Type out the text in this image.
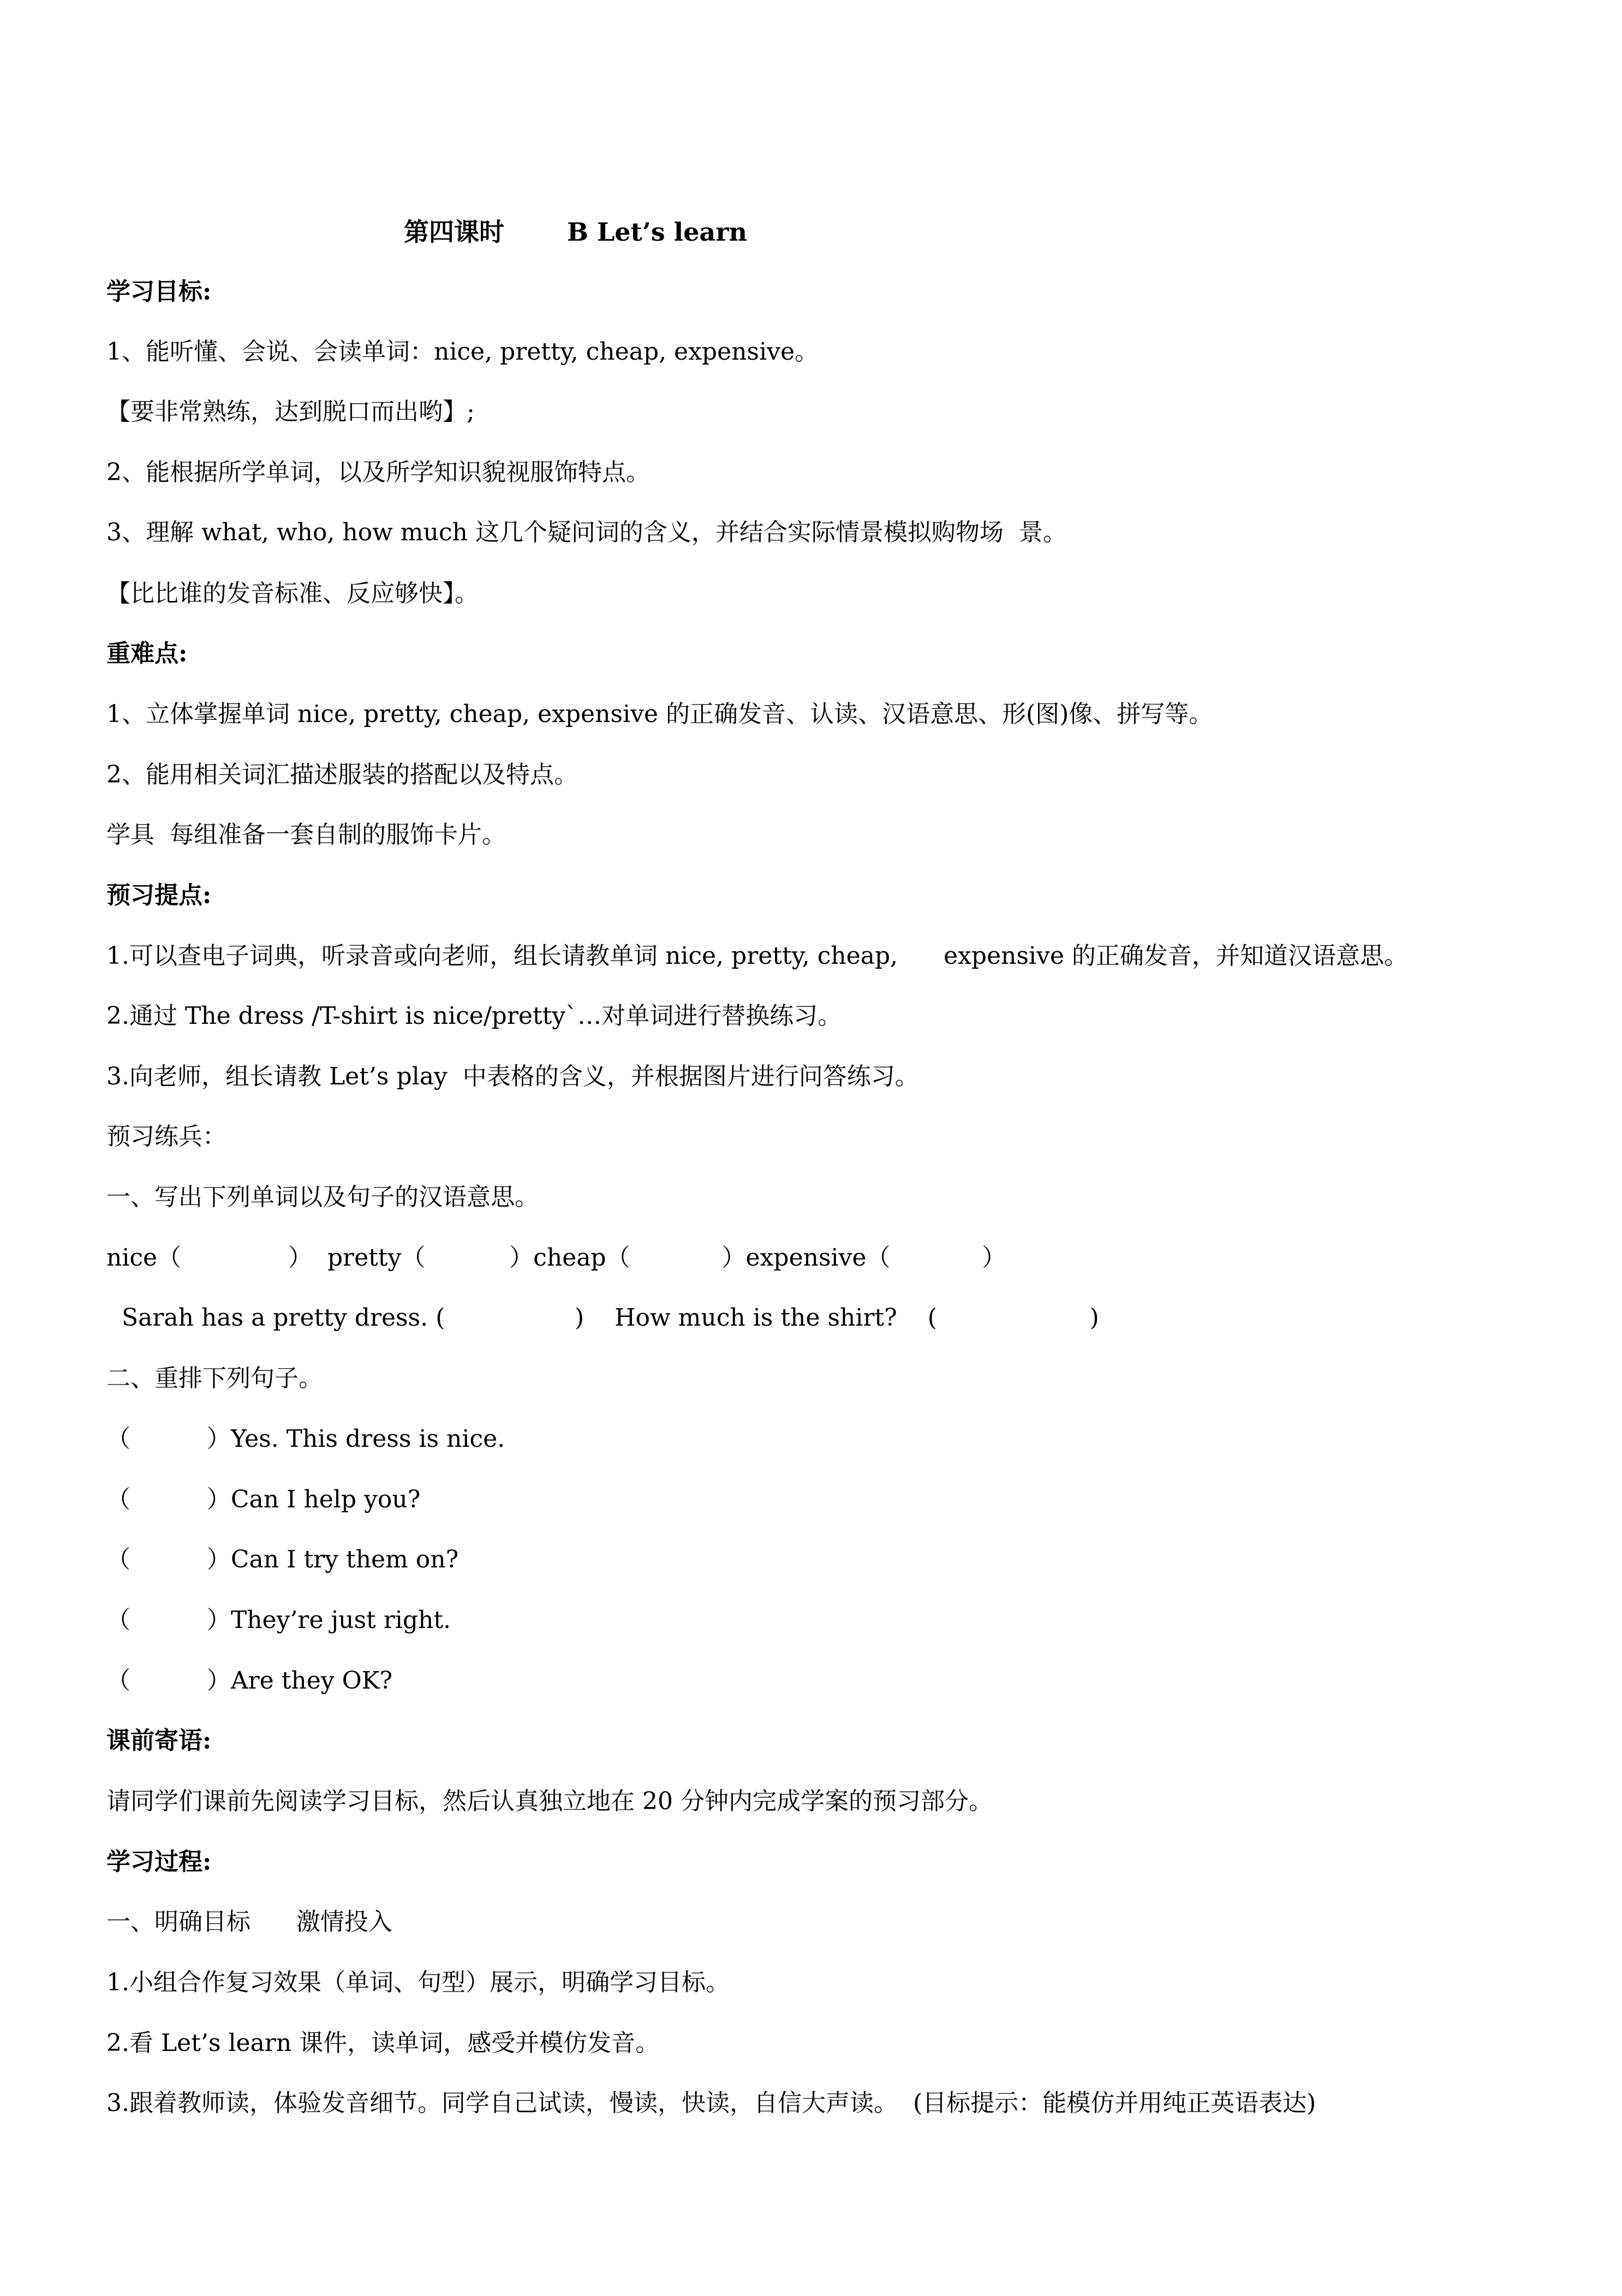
第四课时	B Let’s learn
学习目标:
1、能听懂、会说、会读单词：nice, pretty, cheap, expensive。
【要非常熟练，达到脱口而出哟】;
2、能根据所学单词，以及所学知识貌视服饰特点。
3、理解 what, who, how much 这几个疑问词的含义，并结合实际情景模拟购物场  景。
【比比谁的发音标准、反应够快】。
重难点:
1、立体掌握单词 nice, pretty, cheap, expensive 的正确发音、认读、汉语意思、形(图)像、拼写等。
2、能用相关词汇描述服装的搭配以及特点。
学具  每组准备一套自制的服饰卡片。
预习提点:
1.可以查电子词典，听录音或向老师，组长请教单词 nice, pretty, cheap,      expensive 的正确发音，并知道汉语意思。
2.通过 The dress /T-shirt is nice/pretty`…对单词进行替换练习。
3.向老师，组长请教 Let’s play  中表格的含义，并根据图片进行问答练习。
预习练兵：
一、写出下列单词以及句子的汉语意思。
nice（              ）  pretty（           ）cheap（            ）expensive（            ）
Sarah has a pretty dress. (                 )    How much is the shirt?    (                    )
二、重排下列句子。
（          ）Yes. This dress is nice.
（          ）Can I help you?
（          ）Can I try them on?
（          ）They’re just right.
（          ）Are they OK?
课前寄语:
请同学们课前先阅读学习目标，然后认真独立地在 20 分钟内完成学案的预习部分。
学习过程:
一、明确目标      激情投入
1.小组合作复习效果（单词、句型）展示，明确学习目标。
2.看 Let’s learn 课件，读单词，感受并模仿发音。
3.跟着教师读，体验发音细节。同学自己试读，慢读，快读，自信大声读。  (目标提示：能模仿并用纯正英语表达)
